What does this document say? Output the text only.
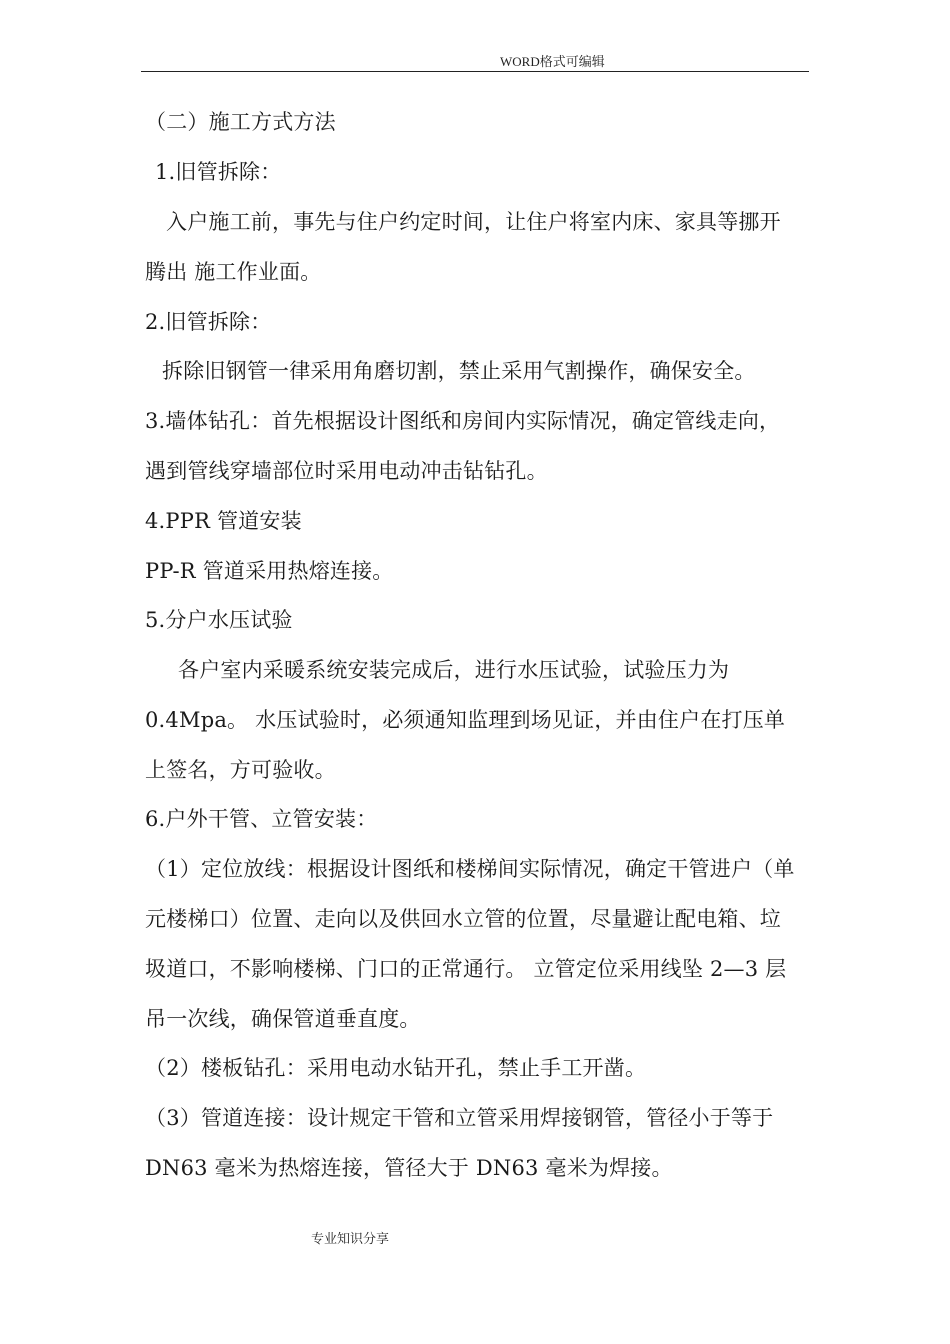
WORD格式可编辑
（二）施工方式方法
1.旧管拆除：
入户施工前，事先与住户约定时间，让住户将室内床、家具等挪开
腾出 施工作业面。
2.旧管拆除：
拆除旧钢管一律采用角磨切割，禁止采用气割操作，确保安全。
3.墙体钻孔：首先根据设计图纸和房间内实际情况，确定管线走向，
遇到管线穿墙部位时采用电动冲击钻钻孔。
4.PPR 管道安装
PP-R 管道采用热熔连接。
5.分户水压试验
各户室内采暖系统安装完成后，进行水压试验，试验压力为
0.4Mpa。 水压试验时，必须通知监理到场见证，并由住户在打压单
上签名，方可验收。
6.户外干管、立管安装：
（1）定位放线：根据设计图纸和楼梯间实际情况，确定干管进户（单
元楼梯口）位置、走向以及供回水立管的位置，尽量避让配电箱、垃
圾道口，不影响楼梯、门口的正常通行。 立管定位采用线坠 2—3 层
吊一次线，确保管道垂直度。
（2）楼板钻孔：采用电动水钻开孔，禁止手工开凿。
（3）管道连接：设计规定干管和立管采用焊接钢管，管径小于等于
DN63 毫米为热熔连接，管径大于 DN63 毫米为焊接。
专业知识分享
